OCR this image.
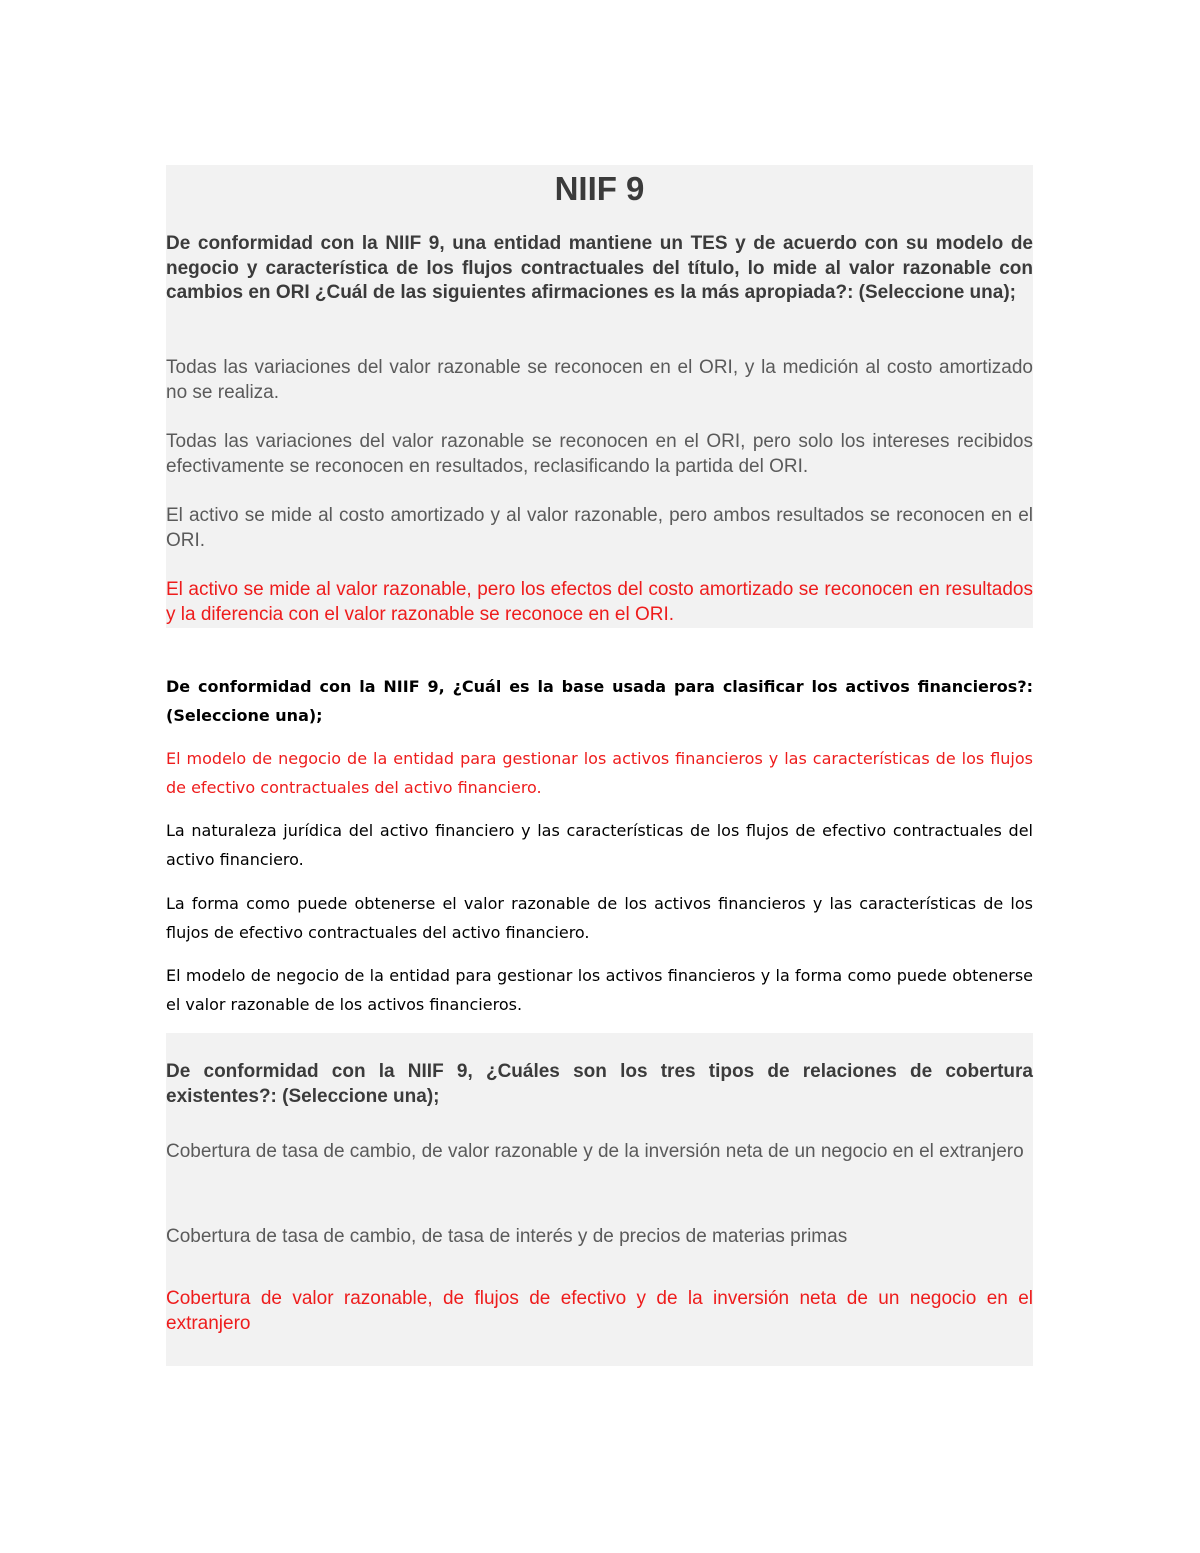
NIIF 9

De conformidad con la NIIF 9, una entidad mantiene un TES y de acuerdo con su modelo de negocio y característica de los flujos contractuales del título, lo mide al valor razonable con cambios en ORI ¿Cuál de las siguientes afirmaciones es la más apropiada?: (Seleccione una);

Todas las variaciones del valor razonable se reconocen en el ORI, y la medición al costo amortizado no se realiza.

Todas las variaciones del valor razonable se reconocen en el ORI, pero solo los intereses recibidos efectivamente se reconocen en resultados, reclasificando la partida del ORI.

El activo se mide al costo amortizado y al valor razonable, pero ambos resultados se reconocen en el ORI.

El activo se mide al valor razonable, pero los efectos del costo amortizado se reconocen en resultados y la diferencia con el valor razonable se reconoce en el ORI.

De conformidad con la NIIF 9, ¿Cuál es la base usada para clasificar los activos financieros?: (Seleccione una);

El modelo de negocio de la entidad para gestionar los activos financieros y las características de los flujos de efectivo contractuales del activo financiero.

La naturaleza jurídica del activo financiero y las características de los flujos de efectivo contractuales del activo financiero.

La forma como puede obtenerse el valor razonable de los activos financieros y las características de los flujos de efectivo contractuales del activo financiero.

El modelo de negocio de la entidad para gestionar los activos financieros y la forma como puede obtenerse el valor razonable de los activos financieros.

De conformidad con la NIIF 9, ¿Cuáles son los tres tipos de relaciones de cobertura existentes?: (Seleccione una);

Cobertura de tasa de cambio, de valor razonable y de la inversión neta de un negocio en el extranjero

Cobertura de tasa de cambio, de tasa de interés y de precios de materias primas

Cobertura de valor razonable, de flujos de efectivo y de la inversión neta de un negocio en el extranjero
